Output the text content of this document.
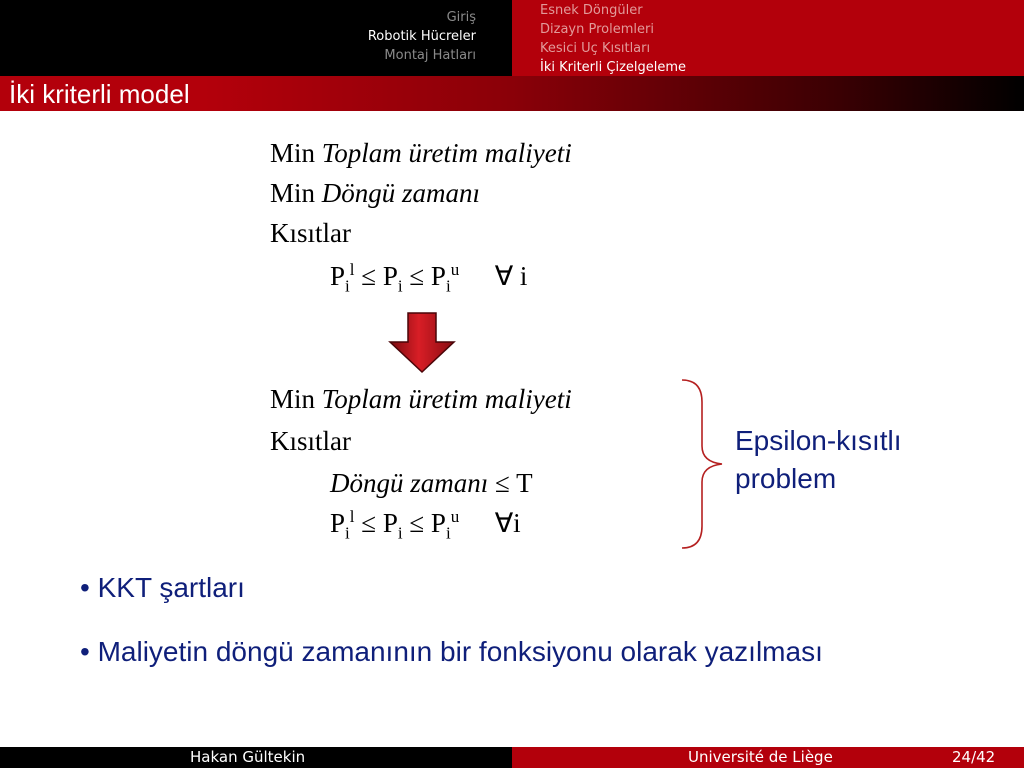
Giriş
Robotik Hücreler
Montaj Hatları
Esnek Döngüler
Dizayn Prolemleri
Kesici Uç Kısıtları
İki Kriterli Çizelgeleme
İki kriterli model
Min Toplam üretim maliyeti
Min Döngü zamanı
Kısıtlar
$P_i^l \le P_i \le P_i^u$ ∀ i
Min Toplam üretim maliyeti
Kısıtlar
Döngü zamanı ≤ T
$P_i^l \le P_i \le P_i^u$ ∀i
Epsilon-kısıtlı
problem
• KKT şartları
• Maliyetin döngü zamanının bir fonksiyonu olarak yazılması
Hakan Gültekin	Université de Liège	24/42
